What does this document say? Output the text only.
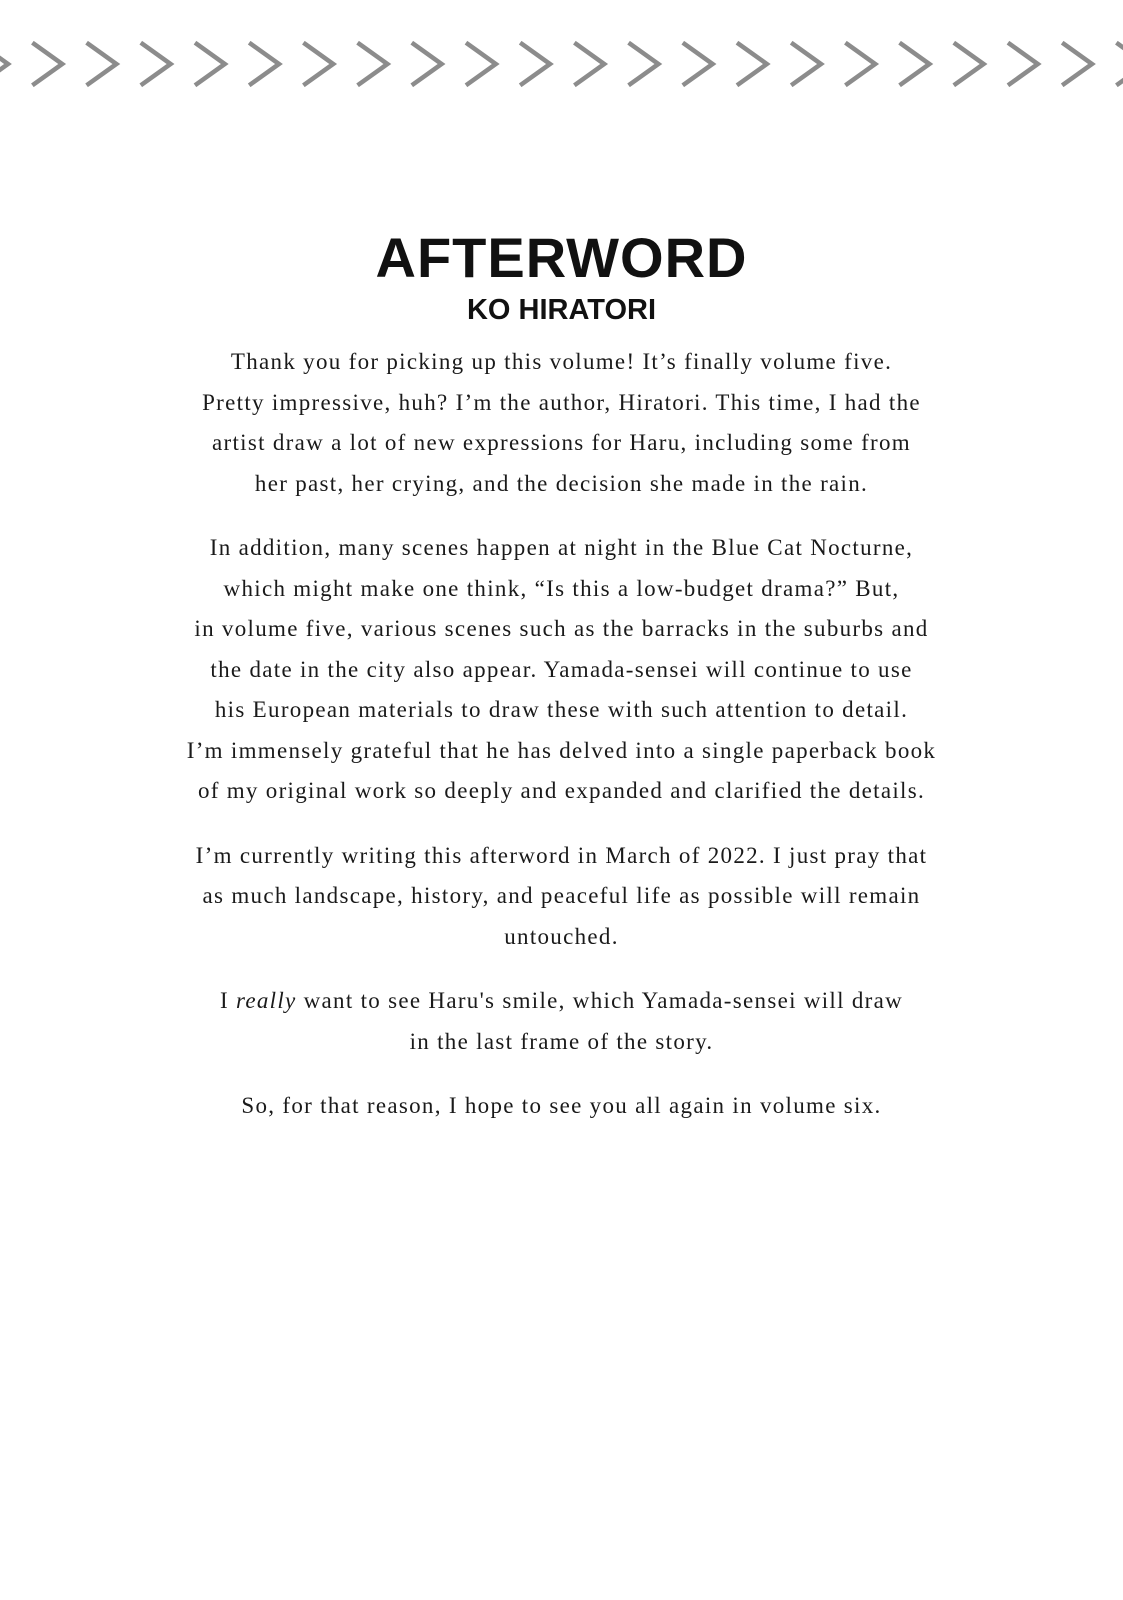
AFTERWORD
KO HIRATORI

Thank you for picking up this volume! It’s finally volume five.
Pretty impressive, huh? I’m the author, Hiratori. This time, I had the
artist draw a lot of new expressions for Haru, including some from
her past, her crying, and the decision she made in the rain.

In addition, many scenes happen at night in the Blue Cat Nocturne,
which might make one think, “Is this a low-budget drama?” But,
in volume five, various scenes such as the barracks in the suburbs and
the date in the city also appear. Yamada-sensei will continue to use
his European materials to draw these with such attention to detail.
I’m immensely grateful that he has delved into a single paperback book
of my original work so deeply and expanded and clarified the details.

I’m currently writing this afterword in March of 2022. I just pray that
as much landscape, history, and peaceful life as possible will remain
untouched.

I really want to see Haru's smile, which Yamada-sensei will draw
in the last frame of the story.

So, for that reason, I hope to see you all again in volume six.
